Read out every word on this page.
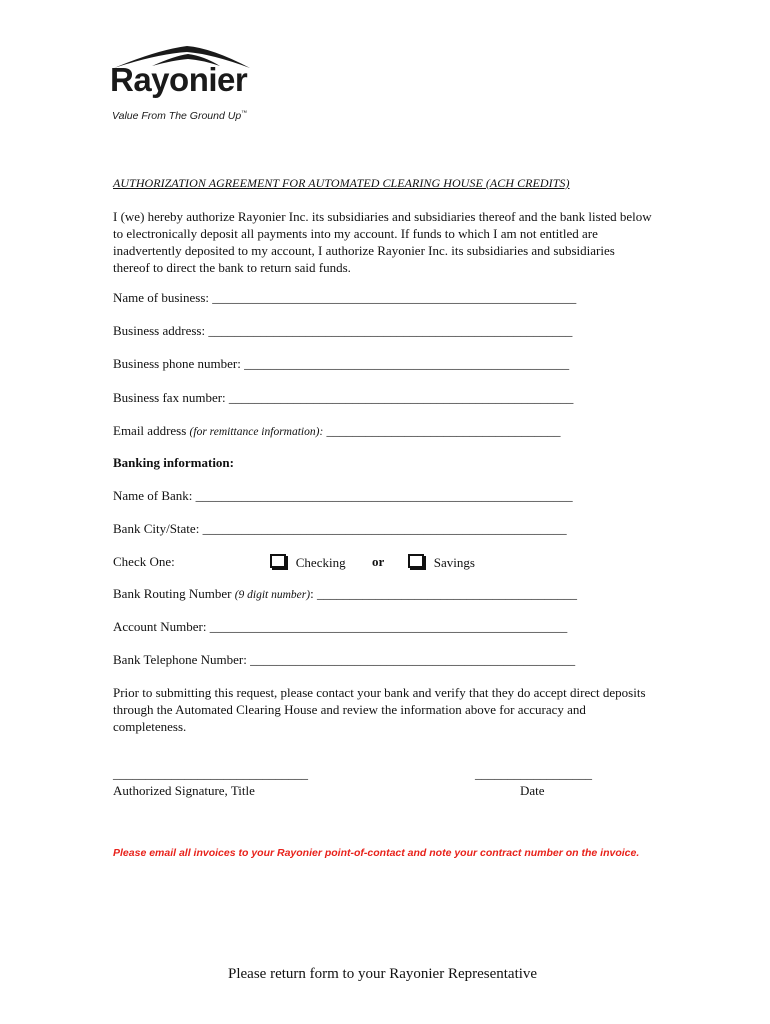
Rayonier
Value From The Ground Up™
AUTHORIZATION AGREEMENT FOR AUTOMATED CLEARING HOUSE (ACH CREDITS)
I (we) hereby authorize Rayonier Inc. its subsidiaries and subsidiaries thereof and the bank listed below to electronically deposit all payments into my account. If funds to which I am not entitled are inadvertently deposited to my account, I authorize Rayonier Inc. its subsidiaries and subsidiaries thereof to direct the bank to return said funds.
Name of business: ________________________________________________________
Business address: ________________________________________________________
Business phone number: __________________________________________________
Business fax number: _____________________________________________________
Email address (for remittance information): ____________________________________
Banking information:
Name of Bank: __________________________________________________________
Bank City/State: ________________________________________________________
Check One:	Checking or	Savings
Bank Routing Number (9 digit number): ________________________________________
Account Number: _______________________________________________________
Bank Telephone Number: __________________________________________________
Prior to submitting this request, please contact your bank and verify that they do accept direct deposits through the Automated Clearing House and review the information above for accuracy and completeness.
______________________________
Authorized Signature, Title
__________________
Date
Please email all invoices to your Rayonier point-of-contact and note your contract number on the invoice.
Please return form to your Rayonier Representative
